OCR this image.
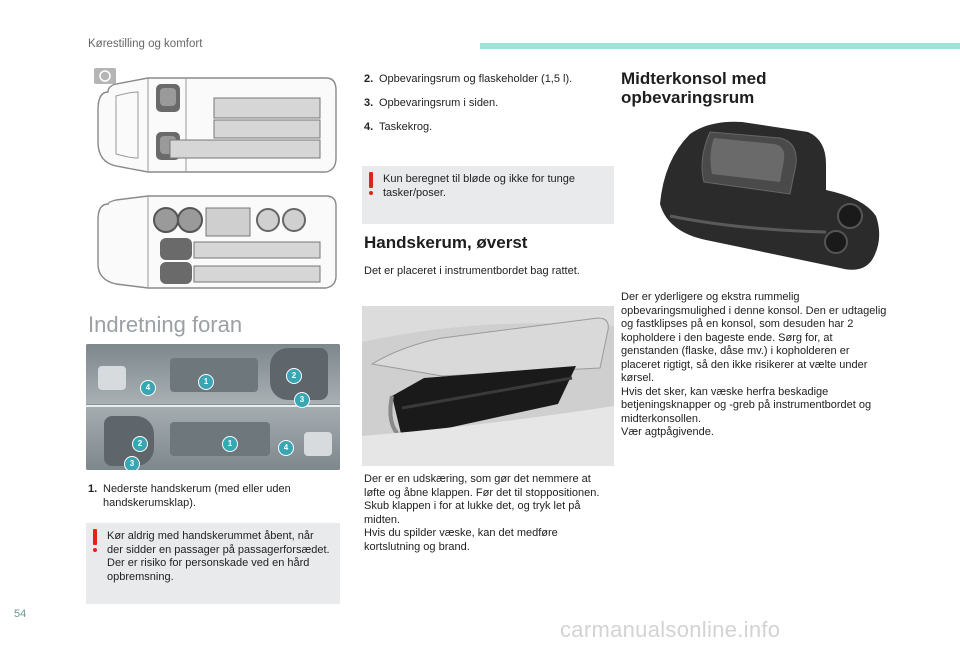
Kørestilling og komfort
Indretning foran
1
2
3
4
1
2
3
4
1. Nederste handskerum (med eller uden handskerumsklap).
Kør aldrig med handskerummet åbent, når der sidder en passager på passagerforsædet. Der er risiko for personskade ved en hård opbremsning.
2. Opbevaringsrum og flaskeholder (1,5 l).
3. Opbevaringsrum i siden.
4. Taskekrog.
Kun beregnet til bløde og ikke for tunge tasker/poser.
Handskerum, øverst
Det er placeret i instrumentbordet bag rattet.
Der er en udskæring, som gør det nemmere at løfte og åbne klappen. Før det til stoppositionen.
Skub klappen i for at lukke det, og tryk let på midten.
Hvis du spilder væske, kan det medføre kortslutning og brand.
Midterkonsol med opbevaringsrum
Der er yderligere og ekstra rummelig opbevaringsmulighed i denne konsol. Den er udtagelig og fastklipses på en konsol, som desuden har 2 kopholdere i den bageste ende. Sørg for, at genstanden (flaske, dåse mv.) i kopholderen er placeret rigtigt, så den ikke risikerer at vælte under kørsel.
Hvis det sker, kan væske herfra beskadige betjeningsknapper og -greb på instrumentbordet og midterkonsollen.
Vær agtpågivende.
54
carmanualsonline.info
